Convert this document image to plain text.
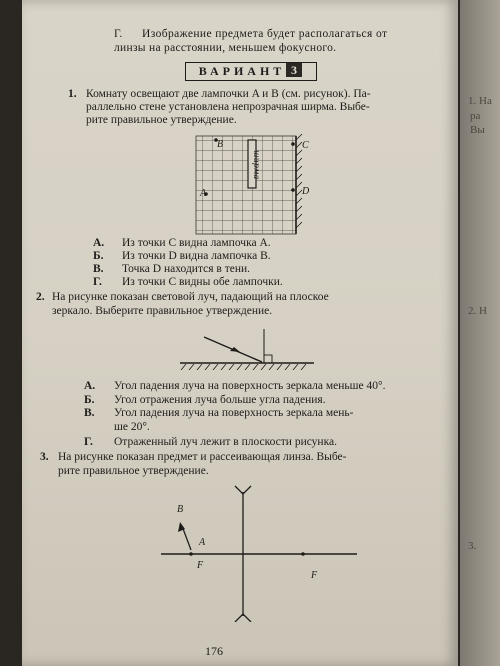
1. На
ра
Вы
2. Н
3.
Г. Изображение предмета будет располагаться от
линзы на расстоянии, меньшем фокусного.
ВАРИАНТ 3
1. Комнату освещают две лампочки A и B (см. рисунок). Па-
раллельно стене установлена непрозрачная ширма. Выбе-
рите правильное утверждение.
ширма
B
A
C
D
А. Из точки C видна лампочка A.
Б. Из точки D видна лампочка B.
В. Точка D находится в тени.
Г. Из точки C видны обе лампочки.
2. На рисунке показан световой луч, падающий на плоское
зеркало. Выберите правильное утверждение.
А. Угол падения луча на поверхность зеркала меньше 40°.
Б. Угол отражения луча больше угла падения.
В. Угол падения луча на поверхность зеркала мень-
ше 20°.
Г. Отраженный луч лежит в плоскости рисунка.
3. На рисунке показан предмет и рассеивающая линза. Выбе-
рите правильное утверждение.
B
A
F
F
176
